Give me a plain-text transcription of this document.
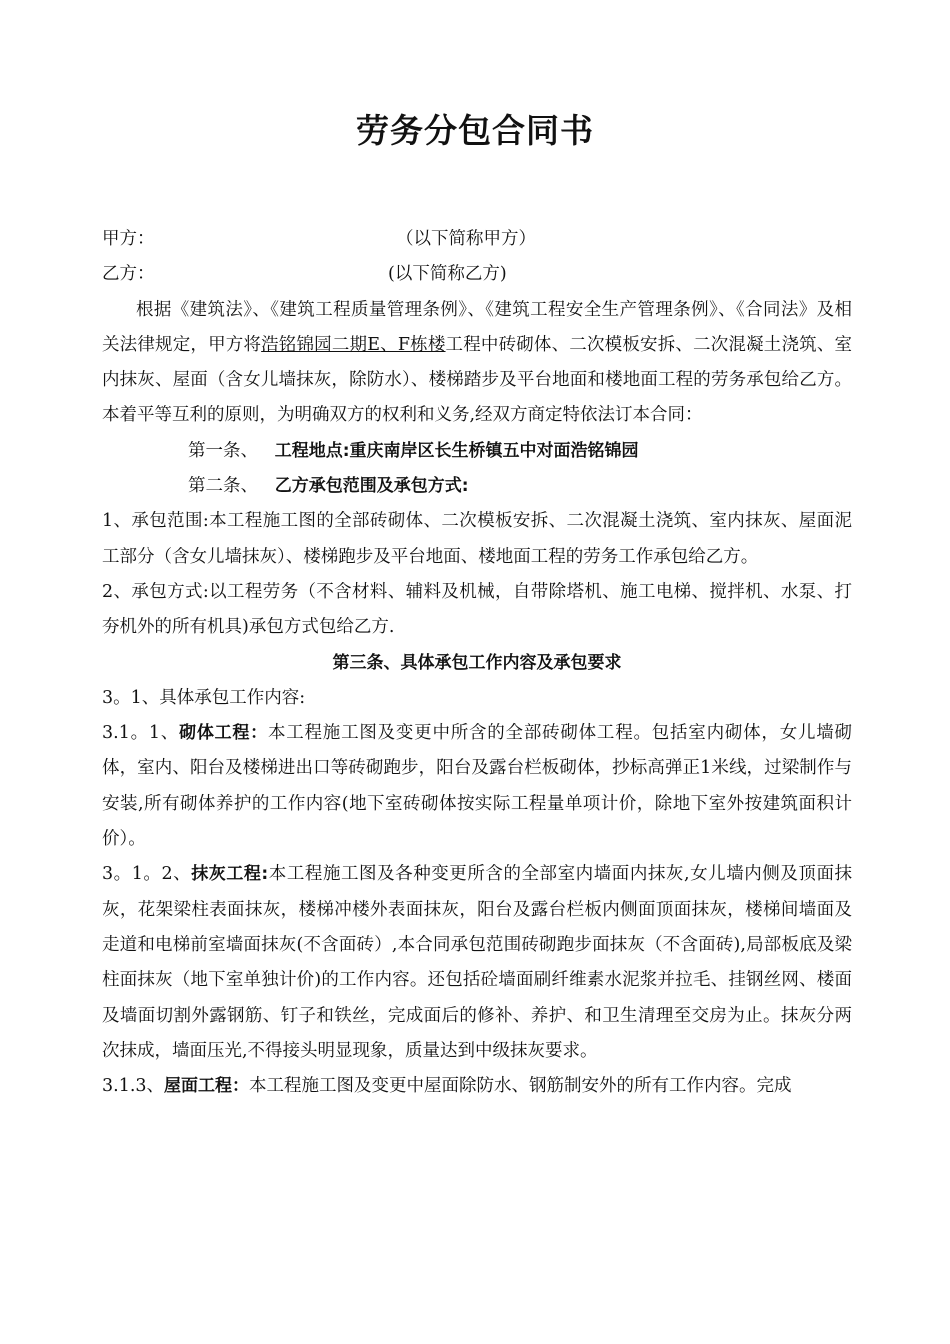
劳务分包合同书
甲方：	（以下简称甲方）
乙方：	(以下简称乙方)

根据《建筑法》、《建筑工程质量管理条例》、《建筑工程安全生产管理条例》、《合同法》及相关法律规定，甲方将浩铭锦园二期E、F栋楼工程中砖砌体、二次模板安拆、二次混凝土浇筑、室内抹灰、屋面（含女儿墙抹灰，除防水）、楼梯踏步及平台地面和楼地面工程的劳务承包给乙方。本着平等互利的原则，为明确双方的权利和义务,经双方商定特依法订本合同：

第一条、 工程地点:重庆南岸区长生桥镇五中对面浩铭锦园

第二条、 乙方承包范围及承包方式:

1、承包范围:本工程施工图的全部砖砌体、二次模板安拆、二次混凝土浇筑、室内抹灰、屋面泥工部分（含女儿墙抹灰）、楼梯跑步及平台地面、楼地面工程的劳务工作承包给乙方。

2、承包方式:以工程劳务（不含材料、辅料及机械，自带除塔机、施工电梯、搅拌机、水泵、打夯机外的所有机具)承包方式包给乙方.

第三条、具体承包工作内容及承包要求

3。1、具体承包工作内容:

3.1。1、砌体工程：本工程施工图及变更中所含的全部砖砌体工程。包括室内砌体，女儿墙砌体，室内、阳台及楼梯进出口等砖砌跑步，阳台及露台栏板砌体，抄标高弹正1米线，过梁制作与安装,所有砌体养护的工作内容(地下室砖砌体按实际工程量单项计价，除地下室外按建筑面积计价）。

3。1。2、抹灰工程:本工程施工图及各种变更所含的全部室内墙面内抹灰,女儿墙内侧及顶面抹灰，花架梁柱表面抹灰，楼梯冲楼外表面抹灰，阳台及露台栏板内侧面顶面抹灰，楼梯间墙面及走道和电梯前室墙面抹灰(不含面砖）,本合同承包范围砖砌跑步面抹灰（不含面砖),局部板底及梁柱面抹灰（地下室单独计价)的工作内容。还包括砼墙面刷纤维素水泥浆并拉毛、挂钢丝网、楼面及墙面切割外露钢筋、钉子和铁丝，完成面后的修补、养护、和卫生清理至交房为止。抹灰分两次抹成，墙面压光,不得接头明显现象，质量达到中级抹灰要求。

3.1.3、屋面工程：本工程施工图及变更中屋面除防水、钢筋制安外的所有工作内容。完成
